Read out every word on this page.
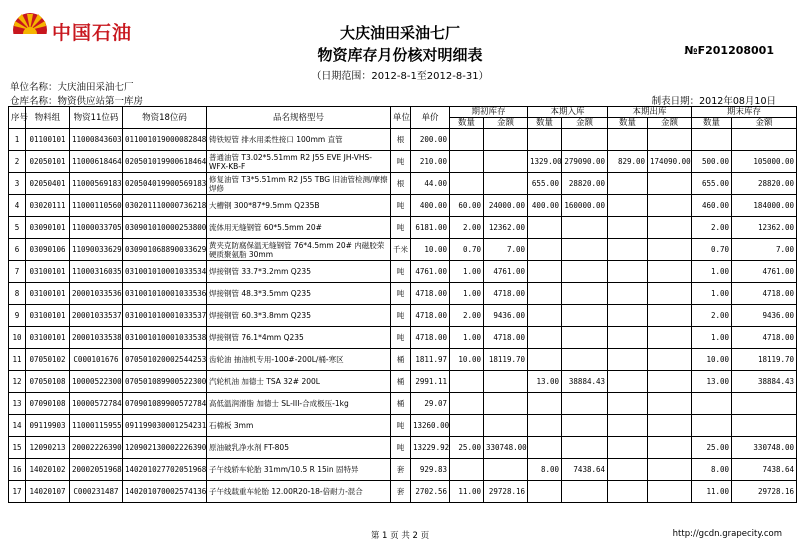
中国石油	大庆油田采油七厂
物资库存月份核对明细表
（日期范围：2012-8-1至2012-8-31）
№F201208001
单位名称：大庆油田采油七厂
仓库名称：物资供应站第一库房	制表日期：2012年08月10日
序号	物料组	物资11位码	物资18位码	品名规格型号	单位	单价	期初库存		本期入库		本期出库		期末库存	
							数量	金额	数量	金额	数量	金额	数量	金额
1	01100101	11000843603	011001019000082848	铸铁短管 排水用柔性接口 100mm 直管	根	200.00								
2	02050101	11000618464	020501019900618464	普通油管 T3.02*5.51mm R2 J55 EVE JH-VHS-WFX-KB-F	吨	210.00			1329.00	279090.00	829.00	174090.00	500.00	105000.00
3	02050401	11000569183	020504019900569183	修复油管 T3*5.51mm R2 J55 TBG 旧油管检测/摩擦焊修	根	44.00			655.00	28820.00			655.00	28820.00
4	03020111	11000110560	030201110000736218	大槽钢 300*87*9.5mm Q235B	吨	400.00	60.00	24000.00	400.00	160000.00			460.00	184000.00
5	03090101	11000033705	030901010000253800	流体用无缝钢管 60*5.5mm 20#	吨	6181.00	2.00	12362.00					2.00	12362.00
6	03090106	11090033629	030901068890033629	黄夹克防腐保温无缝钢管 76*4.5mm 20# 内磁胶荣硬质聚氨脂 30mm	千米	10.00	0.70	7.00					0.70	7.00
7	03100101	11000316035	031001010001033534	焊接钢管 33.7*3.2mm Q235	吨	4761.00	1.00	4761.00					1.00	4761.00
8	03100101	20001033536	031001010001033536	焊接钢管 48.3*3.5mm Q235	吨	4718.00	1.00	4718.00					1.00	4718.00
9	03100101	20001033537	031001010001033537	焊接钢管 60.3*3.8mm Q235	吨	4718.00	2.00	9436.00					2.00	9436.00
10	03100101	20001033538	031001010001033538	焊接钢管 76.1*4mm Q235	吨	4718.00	1.00	4718.00					1.00	4718.00
11	07050102	C000101676	070501020002544253	齿轮油 抽油机专用-100#-200L/桶-寒区	桶	1811.97	10.00	18119.70					10.00	18119.70
12	07050108	10000522300	070501089900522300	汽轮机油 加德士 TSA 32# 200L	桶	2991.11			13.00	38884.43			13.00	38884.43
13	07090108	10000572784	070901089900572784	高低温润滑脂 加德士 SL-III-合成极压-1kg	桶	29.07								
14	09119903	11000115955	091199030001254231	石棉板 3mm	吨	13260.00								
15	12090213	20002226390	120902130002226390	原油破乳净水剂 FT-805	吨	13229.92	25.00	330748.00					25.00	330748.00
16	14020102	20002051968	140201027702051968	子午线轿车轮胎 31mm/10.5 R 15in 固特异	套	929.83			8.00	7438.64			8.00	7438.64
17	14020107	C000231487	140201070002574136	子午线载重车轮胎 12.00R20-18-倍耐力-混合	套	2702.56	11.00	29728.16					11.00	29728.16
第 1 页 共 2 页	http://gcdn.grapecity.com
